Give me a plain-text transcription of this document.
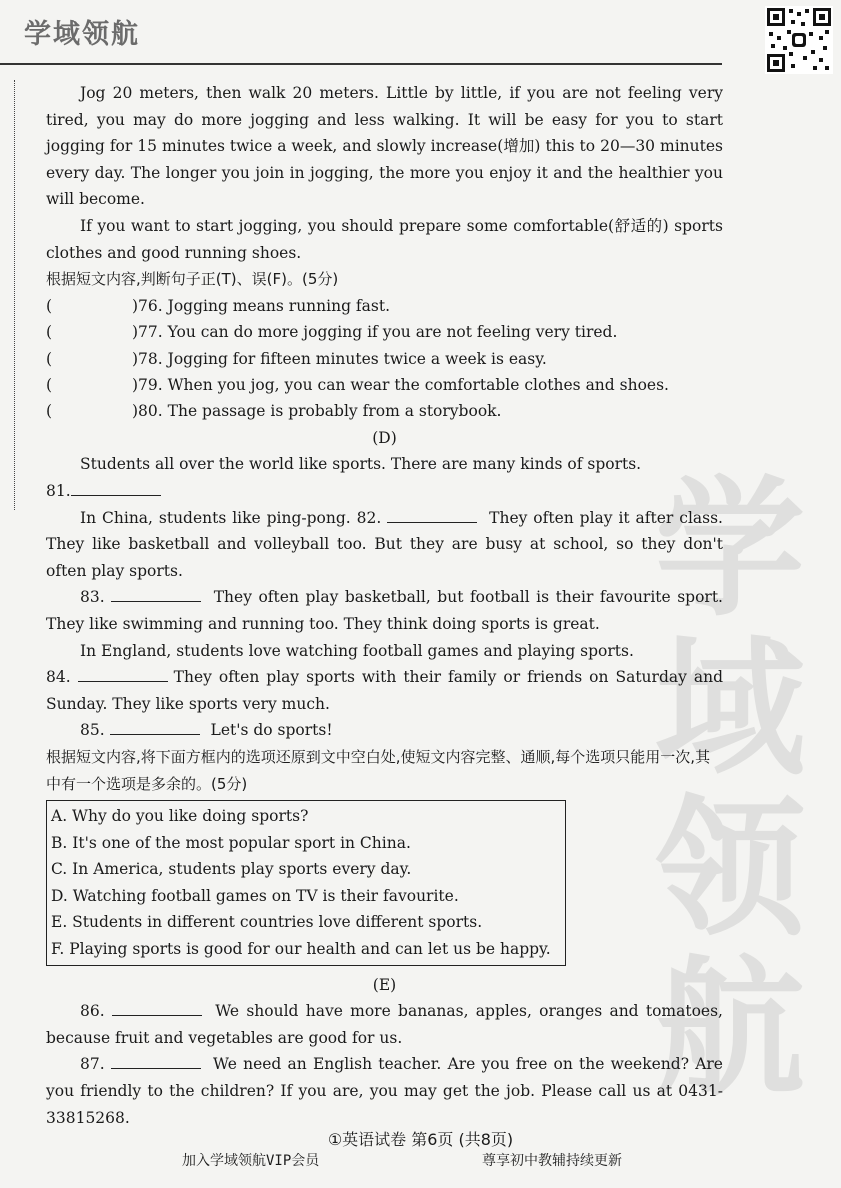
学域领航
学域领航

Jog 20 meters, then walk 20 meters. Little by little, if you are not feeling very tired, you may do more jogging and less walking. It will be easy for you to start jogging for 15 minutes twice a week, and slowly increase(增加) this to 20—30 minutes every day. The longer you join in jogging, the more you enjoy it and the healthier you will become.

If you want to start jogging, you should prepare some comfortable(舒适的) sports clothes and good running shoes.

根据短文内容,判断句子正(T)、误(F)。(5分)
(	)76. Jogging means running fast.
(	)77. You can do more jogging if you are not feeling very tired.
(	)78. Jogging for fifteen minutes twice a week is easy.
(	)79. When you jog, you can wear the comfortable clothes and shoes.
(	)80. The passage is probably from a storybook.
(D)

Students all over the world like sports. There are many kinds of sports.

81.

In China, students like ping-pong. 82.	They often play it after class. They like basketball and volleyball too. But they are busy at school, so they don't often play sports.

83.	They often play basketball, but football is their favourite sport. They like swimming and running too. They think doing sports is great.

In England, students love watching football games and playing sports.

84.	They often play sports with their family or friends on Saturday and Sunday. They like sports very much.

85.	Let's do sports!

根据短文内容,将下面方框内的选项还原到文中空白处,使短文内容完整、通顺,每个选项只能用一次,其中有一个选项是多余的。(5分)
A. Why do you like doing sports?
B. It's one of the most popular sport in China.
C. In America, students play sports every day.
D. Watching football games on TV is their favourite.
E. Students in different countries love different sports.
F. Playing sports is good for our health and can let us be happy.
(E)

86.	We should have more bananas, apples, oranges and tomatoes, because fruit and vegetables are good for us.

87.	We need an English teacher. Are you free on the weekend? Are you friendly to the children? If you are, you may get the job. Please call us at 0431-33815268.

①英语试卷 第6页 (共8页)
加入学域领航VIP会员	尊享初中教辅持续更新
